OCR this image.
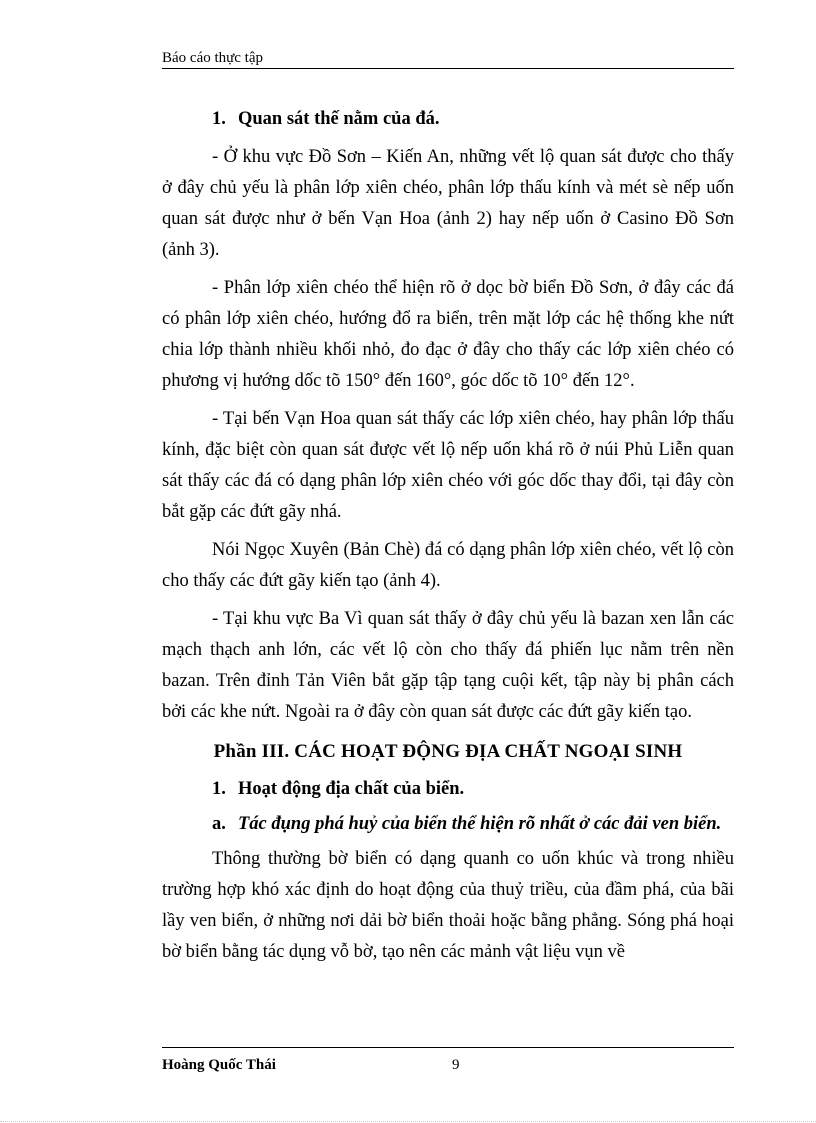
Báo cáo thực tập
1. Quan sát thế nằm của đá.

- Ở khu vực Đồ Sơn – Kiến An, những vết lộ quan sát được cho thấy ở đây chủ yếu là phân lớp xiên chéo, phân lớp thấu kính và mét sè nếp uốn quan sát được như ở bến Vạn Hoa (ảnh 2) hay nếp uốn ở Casino Đồ Sơn (ảnh 3).

- Phân lớp xiên chéo thể hiện rõ ở dọc bờ biển Đồ Sơn, ở đây các đá có phân lớp xiên chéo, hướng đổ ra biển, trên mặt lớp các hệ thống khe nứt chia lớp thành nhiều khối nhỏ, đo đạc ở đây cho thấy các lớp xiên chéo có phương vị hướng dốc tõ 150° đến 160°, góc dốc tõ 10° đến 12°.

- Tại bến Vạn Hoa quan sát thấy các lớp xiên chéo, hay phân lớp thấu kính, đặc biệt còn quan sát được vết lộ nếp uốn khá rõ ở núi Phủ Liễn quan sát thấy các đá có dạng phân lớp xiên chéo với góc dốc thay đổi, tại đây còn bắt gặp các đứt gãy nhá.

Nói Ngọc Xuyên (Bản Chè) đá có dạng phân lớp xiên chéo, vết lộ còn cho thấy các đứt gãy kiến tạo (ảnh 4).

- Tại khu vực Ba Vì quan sát thấy ở đây chủ yếu là bazan xen lẫn các mạch thạch anh lớn, các vết lộ còn cho thấy đá phiến lục nằm trên nền bazan. Trên đỉnh Tản Viên bắt gặp tập tạng cuội kết, tập này bị phân cách bởi các khe nứt. Ngoài ra ở đây còn quan sát được các đứt gãy kiến tạo.

Phần III. CÁC HOẠT ĐỘNG ĐỊA CHẤT NGOẠI SINH
1. Hoạt động địa chất của biển.
a. Tác đụng phá huỷ của biển thể hiện rõ nhất ở các đải ven biển.

Thông thường bờ biển có dạng quanh co uốn khúc và trong nhiều trường hợp khó xác định do hoạt động của thuỷ triều, của đầm phá, của bãi lầy ven biển, ở những nơi dải bờ biển thoải hoặc bằng phẳng. Sóng phá hoại bờ biển bằng tác dụng vỗ bờ, tạo nên các mảnh vật liệu vụn về

Hoàng Quốc Thái	9
